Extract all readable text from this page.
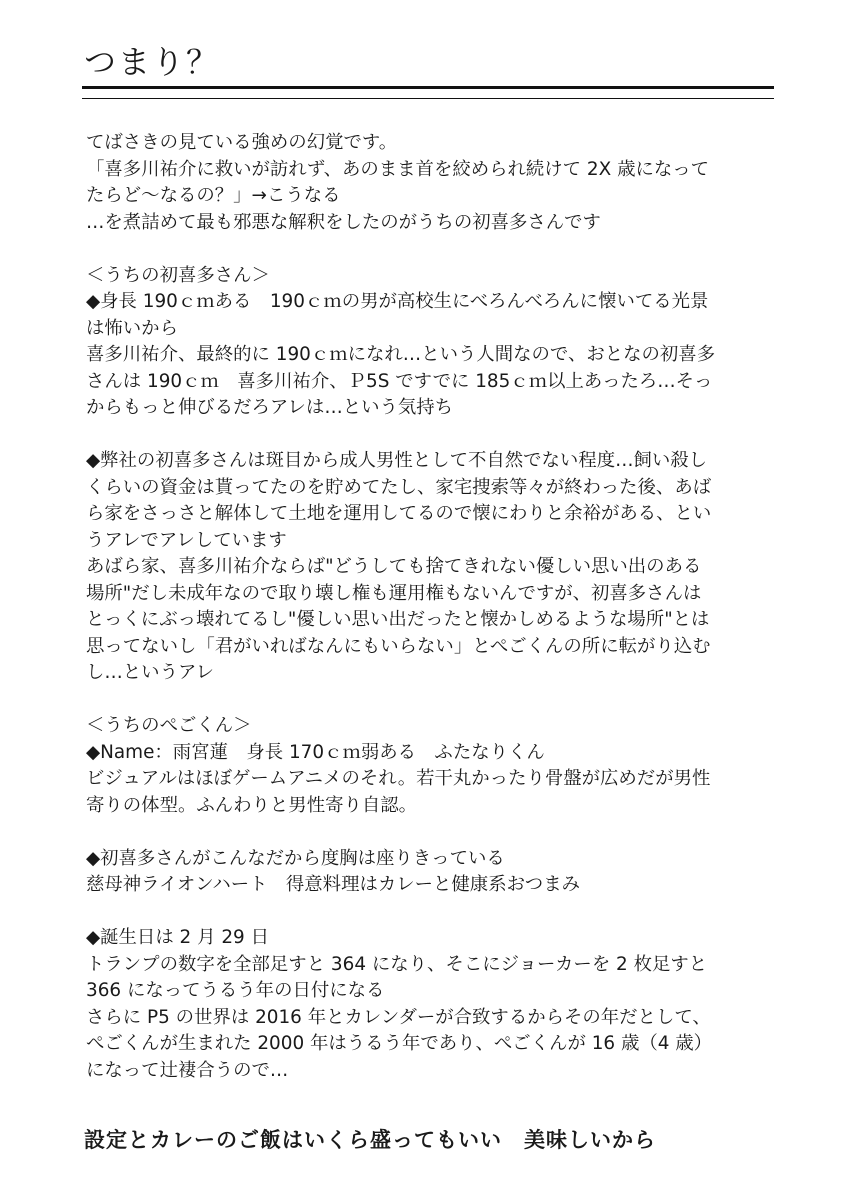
つまり？
てばさきの見ている強めの幻覚です。
「喜多川祐介に救いが訪れず、あのまま首を絞められ続けて 2X 歳になって
たらど〜なるの？」→こうなる
…を煮詰めて最も邪悪な解釈をしたのがうちの初喜多さんです
＜うちの初喜多さん＞
◆身長 190ｃｍある　190ｃｍの男が高校生にべろんべろんに懐いてる光景
は怖いから
喜多川祐介、最終的に 190ｃｍになれ…という人間なので、おとなの初喜多
さんは 190ｃｍ　喜多川祐介、Ｐ5S ですでに 185ｃｍ以上あったろ…そっ
からもっと伸びるだろアレは…という気持ち
◆弊社の初喜多さんは斑目から成人男性として不自然でない程度…飼い殺し
くらいの資金は貰ってたのを貯めてたし、家宅捜索等々が終わった後、あば
ら家をさっさと解体して土地を運用してるので懐にわりと余裕がある、とい
うアレでアレしています
あばら家、喜多川祐介ならば"どうしても捨てきれない優しい思い出のある
場所"だし未成年なので取り壊し権も運用権もないんですが、初喜多さんは
とっくにぶっ壊れてるし"優しい思い出だったと懐かしめるような場所"とは
思ってないし「君がいればなんにもいらない」とぺごくんの所に転がり込む
し…というアレ
＜うちのぺごくん＞
◆Name：雨宮蓮　身長 170ｃｍ弱ある　ふたなりくん
ビジュアルはほぼゲームアニメのそれ。若干丸かったり骨盤が広めだが男性
寄りの体型。ふんわりと男性寄り自認。
◆初喜多さんがこんなだから度胸は座りきっている
慈母神ライオンハート　得意料理はカレーと健康系おつまみ
◆誕生日は 2 月 29 日
トランプの数字を全部足すと 364 になり、そこにジョーカーを 2 枚足すと
366 になってうるう年の日付になる
さらに P5 の世界は 2016 年とカレンダーが合致するからその年だとして、
ぺごくんが生まれた 2000 年はうるう年であり、ぺごくんが 16 歳（4 歳）
になって辻褄合うので…
設定とカレーのご飯はいくら盛ってもいい　美味しいから
